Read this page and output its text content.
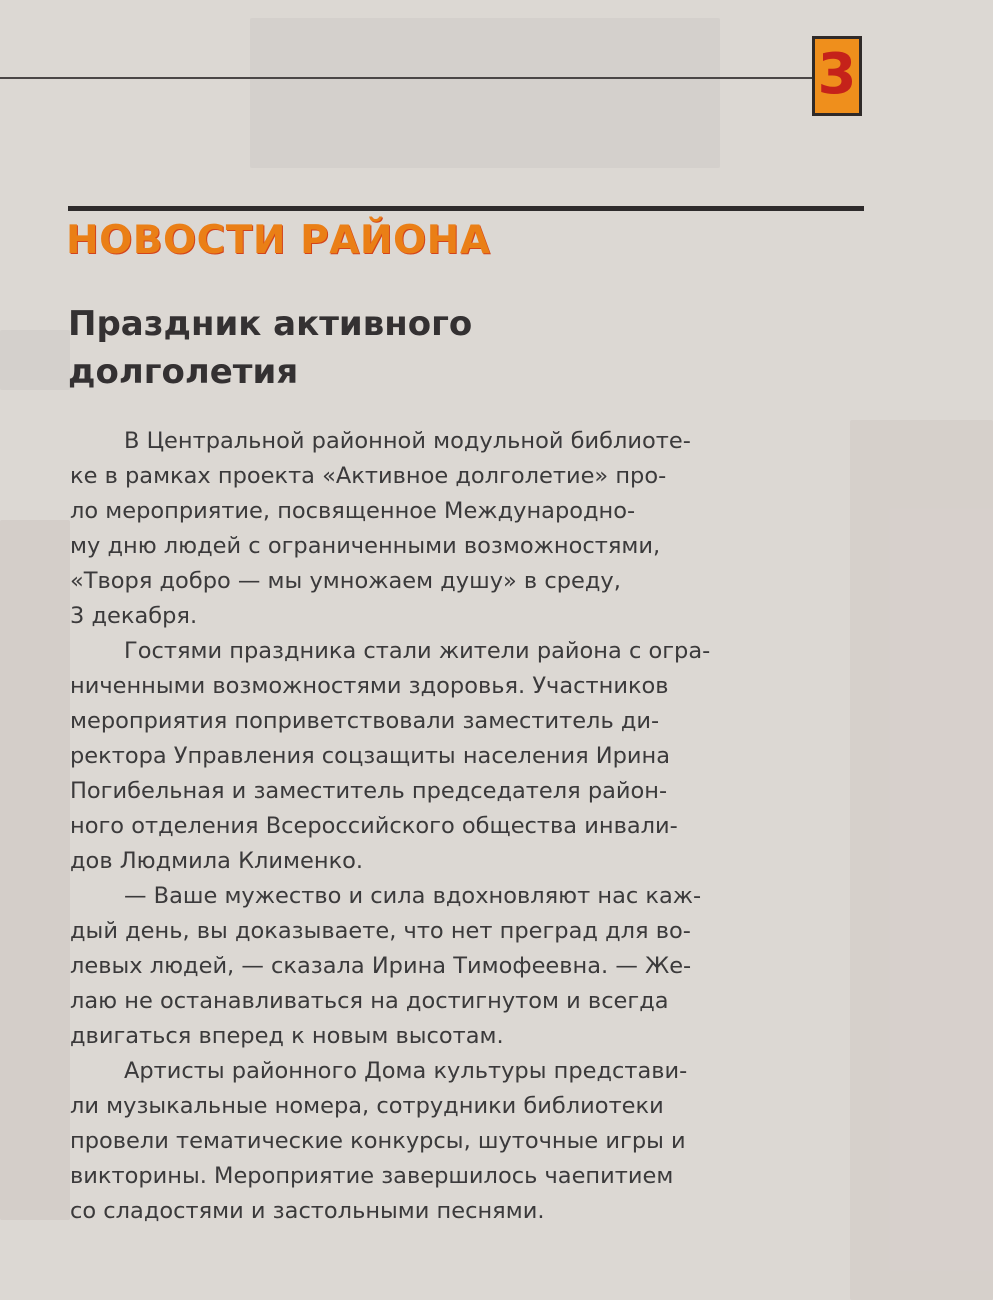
3
НОВОСТИ РАЙОНА
Праздник активного
долголетия

В Центральной районной модульной библиоте-
ке в рамках проекта «Активное долголетие» про-
ло мероприятие, посвященное Международно-
му дню людей с ограниченными возможностями,
«Творя добро — мы умножаем душу» в среду,
3 декабря.

Гостями праздника стали жители района с огра-
ниченными возможностями здоровья. Участников
мероприятия поприветствовали заместитель ди-
ректора Управления соцзащиты населения Ирина
Погибельная и заместитель председателя район-
ного отделения Всероссийского общества инвали-
дов Людмила Клименко.

— Ваше мужество и сила вдохновляют нас каж-
дый день, вы доказываете, что нет преград для во-
левых людей, — сказала Ирина Тимофеевна. — Же-
лаю не останавливаться на достигнутом и всегда
двигаться вперед к новым высотам.

Артисты районного Дома культуры представи-
ли музыкальные номера, сотрудники библиотеки
провели тематические конкурсы, шуточные игры и
викторины. Мероприятие завершилось чаепитием
со сладостями и застольными песнями.
